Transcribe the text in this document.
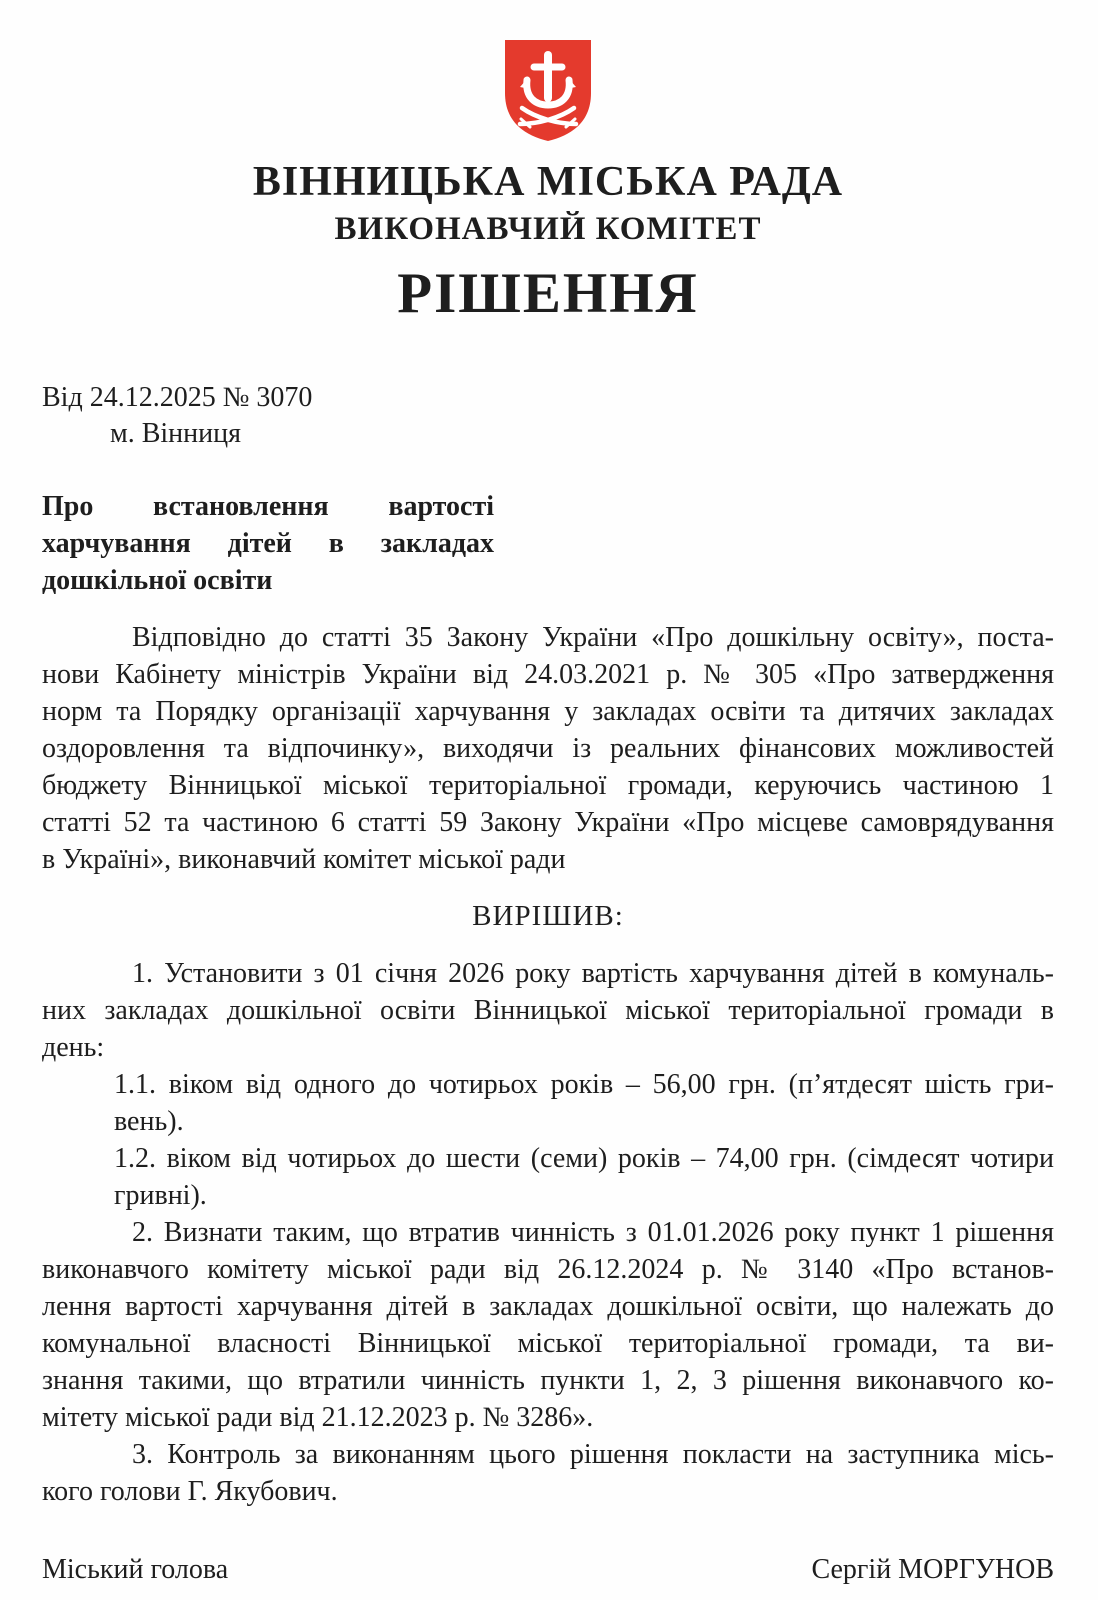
ВІННИЦЬКА МІСЬКА РАДА
ВИКОНАВЧИЙ КОМІТЕТ
РІШЕННЯ
Від 24.12.2025 № 3070
м. Вінниця
Про встановлення вартості
харчування дітей в закладах
дошкільної освіти
Відповідно до статті 35 Закону України «Про дошкільну освіту», поста-
нови Кабінету міністрів України від 24.03.2021 р. № 305 «Про затвердження
норм та Порядку організації харчування у закладах освіти та дитячих закладах
оздоровлення та відпочинку», виходячи із реальних фінансових можливостей
бюджету Вінницької міської територіальної громади, керуючись частиною 1
статті 52 та частиною 6 статті 59 Закону України «Про місцеве самоврядування
в Україні», виконавчий комітет міської ради
ВИРІШИВ:
1. Установити з 01 січня 2026 року вартість харчування дітей в комуналь-
них закладах дошкільної освіти Вінницької міської територіальної громади в
день:
1.1. віком від одного до чотирьох років – 56,00 грн. (п’ятдесят шість гри-
вень).
1.2. віком від чотирьох до шести (семи) років – 74,00 грн. (сімдесят чотири
гривні).
2. Визнати таким, що втратив чинність з 01.01.2026 року пункт 1 рішення
виконавчого комітету міської ради від 26.12.2024 р. № 3140 «Про встанов-
лення вартості харчування дітей в закладах дошкільної освіти, що належать до
комунальної власності Вінницької міської територіальної громади, та ви-
знання такими, що втратили чинність пункти 1, 2, 3 рішення виконавчого ко-
мітету міської ради від 21.12.2023 р. № 3286».
3. Контроль за виконанням цього рішення покласти на заступника місь-
кого голови Г. Якубович.
Міський голова	Сергій МОРГУНОВ
